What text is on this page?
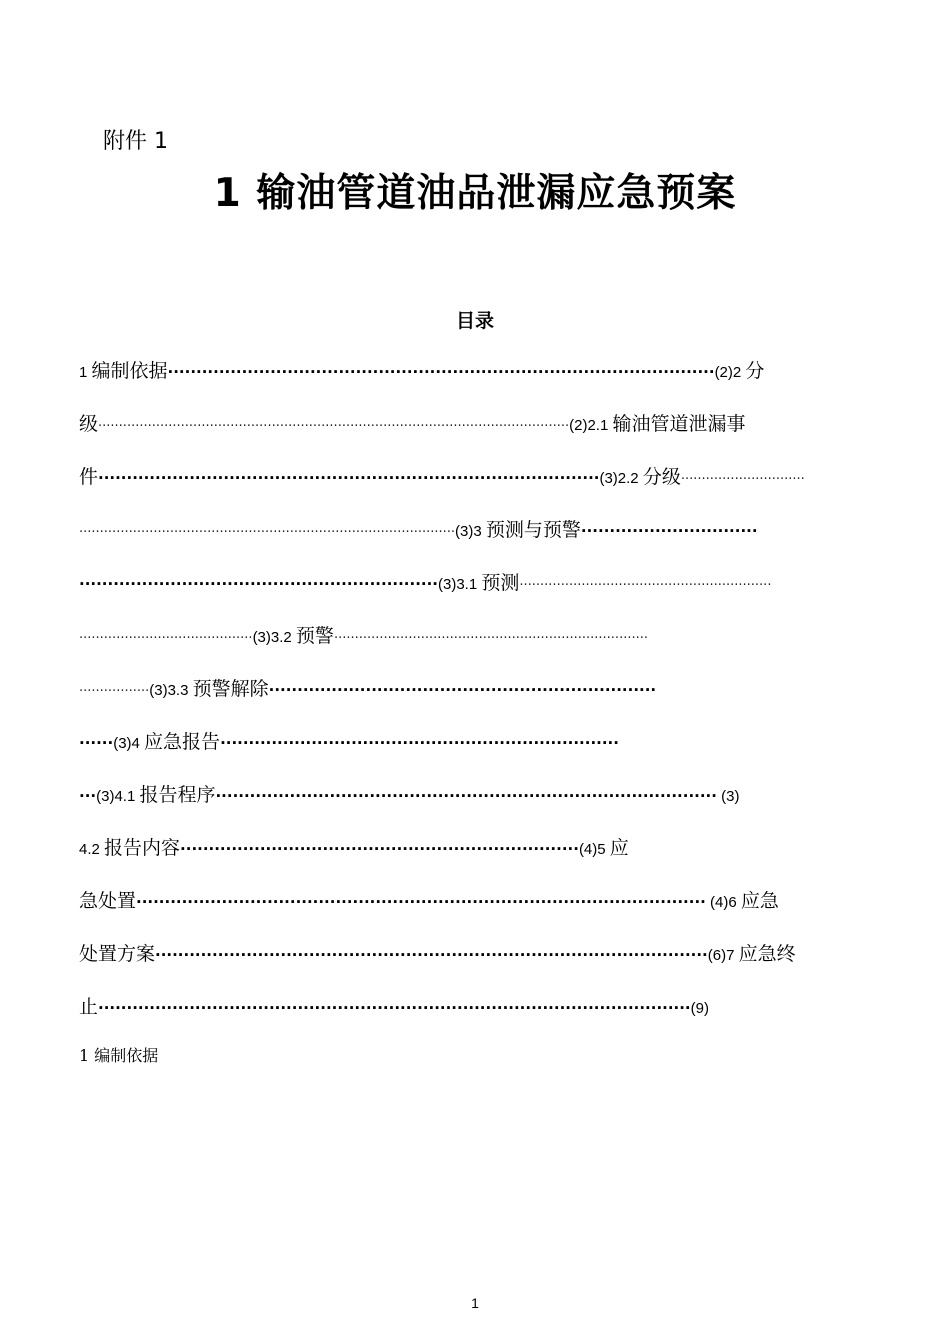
附件 1
1 输油管道油品泄漏应急预案
目录
1 编制依据································································································(2)2 分
级··················································································································(2)2.1 输油管道泄漏事
件························································································(3)2.2 分级······························
···························································································(3)3 预测与预警·······························
·······························································(3)3.1 预测·····························································
··········································(3)3.2 预警············································································
·················(3)3.3 预警解除····································································
······(3)4 应急报告······································································
···(3)4.1 报告程序························································································ (3)
4.2 报告内容······································································(4)5 应
急处置···································································································· (4)6 应急
处置方案·································································································(6)7 应急终
止········································································································(9)
1 编制依据
1
